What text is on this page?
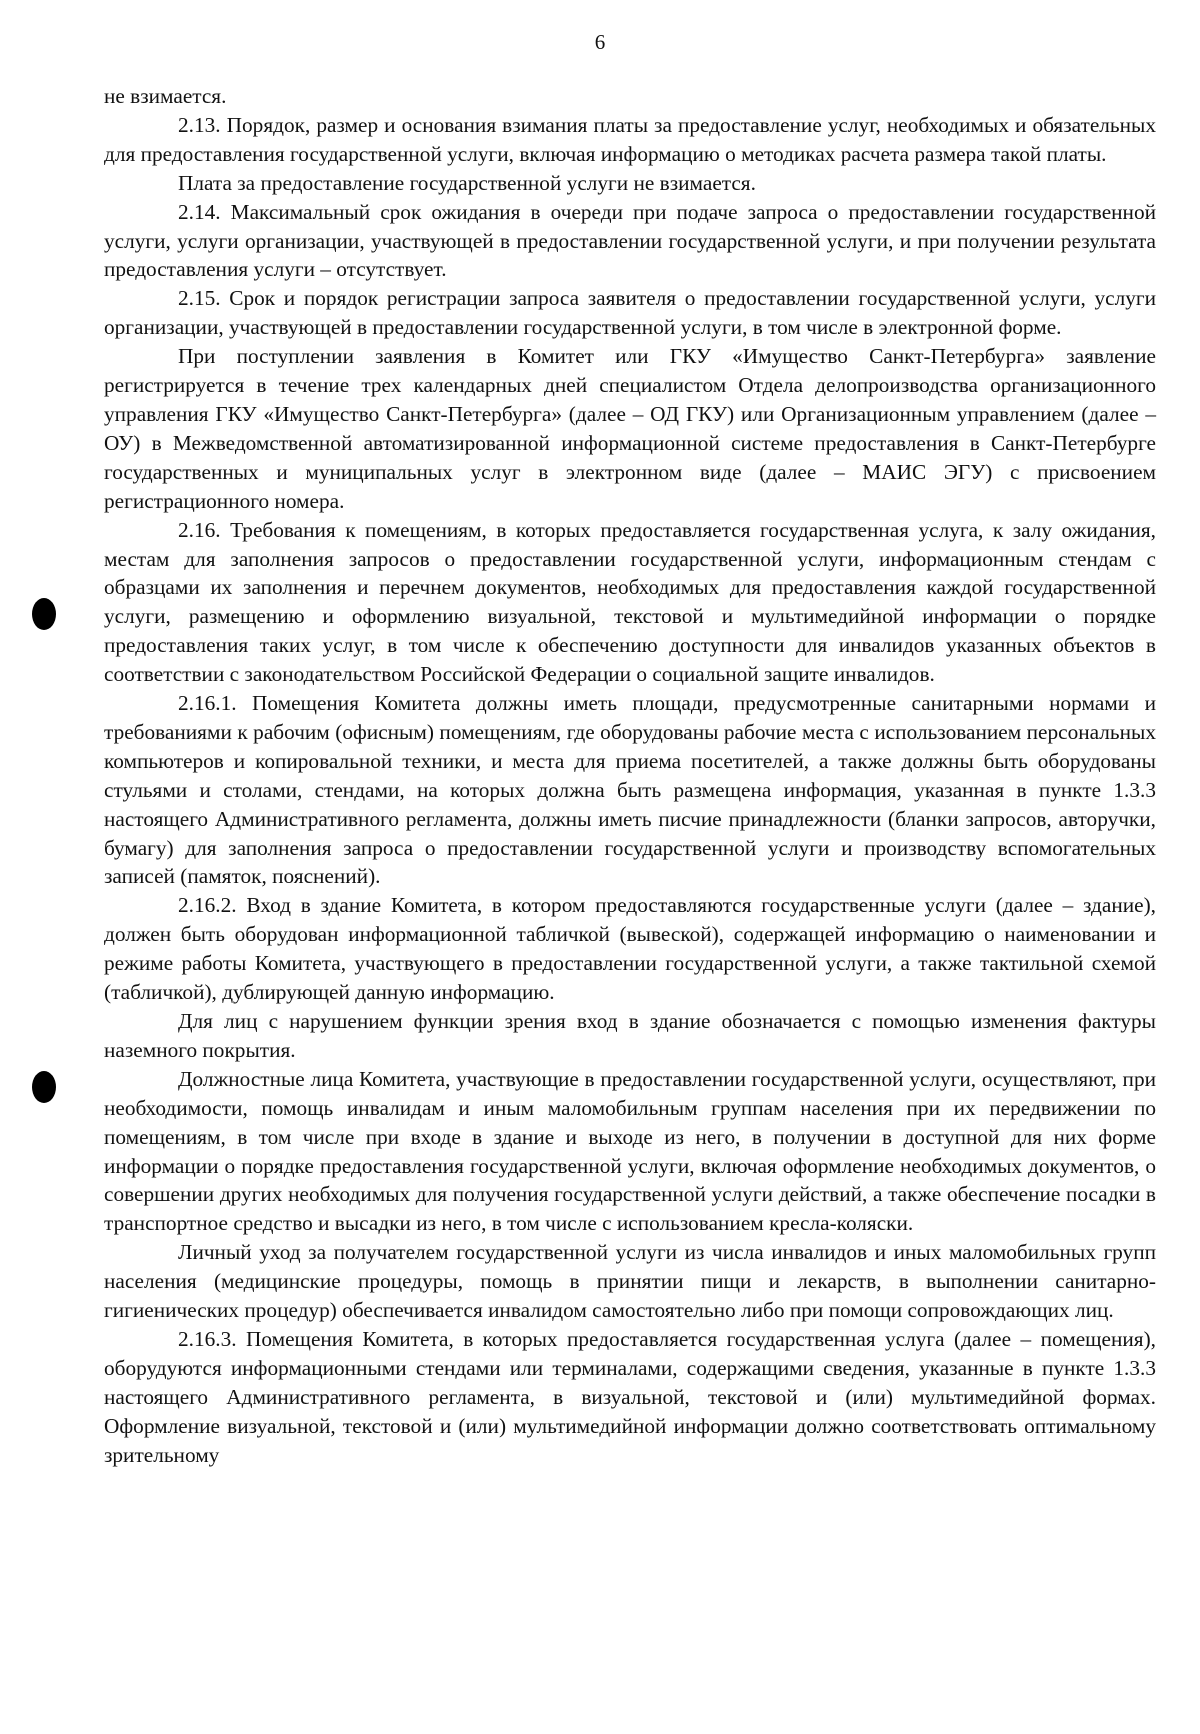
6

не взимается.

2.13. Порядок, размер и основания взимания платы за предоставление услуг, необходимых и обязательных для предоставления государственной услуги, включая информацию о методиках расчета размера такой платы.

Плата за предоставление государственной услуги не взимается.

2.14. Максимальный срок ожидания в очереди при подаче запроса о предоставлении государственной услуги, услуги организации, участвующей в предоставлении государственной услуги, и при получении результата предоставления услуги – отсутствует.

2.15. Срок и порядок регистрации запроса заявителя о предоставлении государственной услуги, услуги организации, участвующей в предоставлении государственной услуги, в том числе в электронной форме.

При поступлении заявления в Комитет или ГКУ «Имущество Санкт-Петербурга» заявление регистрируется в течение трех календарных дней специалистом Отдела делопроизводства организационного управления ГКУ «Имущество Санкт-Петербурга» (далее – ОД ГКУ) или Организационным управлением (далее – ОУ) в Межведомственной автоматизированной информационной системе предоставления в Санкт-Петербурге государственных и муниципальных услуг в электронном виде (далее – МАИС ЭГУ) с присвоением регистрационного номера.

2.16. Требования к помещениям, в которых предоставляется государственная услуга, к залу ожидания, местам для заполнения запросов о предоставлении государственной услуги, информационным стендам с образцами их заполнения и перечнем документов, необходимых для предоставления каждой государственной услуги, размещению и оформлению визуальной, текстовой и мультимедийной информации о порядке предоставления таких услуг, в том числе к обеспечению доступности для инвалидов указанных объектов в соответствии с законодательством Российской Федерации о социальной защите инвалидов.

2.16.1. Помещения Комитета должны иметь площади, предусмотренные санитарными нормами и требованиями к рабочим (офисным) помещениям, где оборудованы рабочие места с использованием персональных компьютеров и копировальной техники, и места для приема посетителей, а также должны быть оборудованы стульями и столами, стендами, на которых должна быть размещена информация, указанная в пункте 1.3.3 настоящего Административного регламента, должны иметь писчие принадлежности (бланки запросов, авторучки, бумагу) для заполнения запроса о предоставлении государственной услуги и производству вспомогательных записей (памяток, пояснений).

2.16.2. Вход в здание Комитета, в котором предоставляются государственные услуги (далее – здание), должен быть оборудован информационной табличкой (вывеской), содержащей информацию о наименовании и режиме работы Комитета, участвующего в предоставлении государственной услуги, а также тактильной схемой (табличкой), дублирующей данную информацию.

Для лиц с нарушением функции зрения вход в здание обозначается с помощью изменения фактуры наземного покрытия.

Должностные лица Комитета, участвующие в предоставлении государственной услуги, осуществляют, при необходимости, помощь инвалидам и иным маломобильным группам населения при их передвижении по помещениям, в том числе при входе в здание и выходе из него, в получении в доступной для них форме информации о порядке предоставления государственной услуги, включая оформление необходимых документов, о совершении других необходимых для получения государственной услуги действий, а также обеспечение посадки в транспортное средство и высадки из него, в том числе с использованием кресла-коляски.

Личный уход за получателем государственной услуги из числа инвалидов и иных маломобильных групп населения (медицинские процедуры, помощь в принятии пищи и лекарств, в выполнении санитарно-гигиенических процедур) обеспечивается инвалидом самостоятельно либо при помощи сопровождающих лиц.

2.16.3. Помещения Комитета, в которых предоставляется государственная услуга (далее – помещения), оборудуются информационными стендами или терминалами, содержащими сведения, указанные в пункте 1.3.3 настоящего Административного регламента, в визуальной, текстовой и (или) мультимедийной формах. Оформление визуальной, текстовой и (или) мультимедийной информации должно соответствовать оптимальному зрительному
